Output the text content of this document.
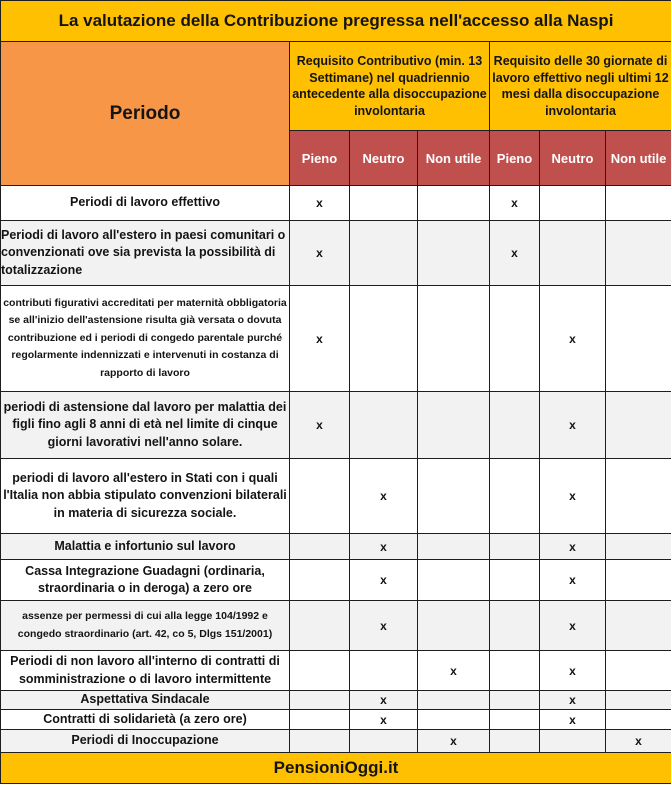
La valutazione della Contribuzione pregressa nell'accesso alla Naspi						
Periodo	Requisito Contributivo (min. 13 Settimane) nel quadriennio antecedente alla disoccupazione involontaria			Requisito delle 30 giornate di lavoro effettivo negli ultimi 12 mesi dalla disoccupazione involontaria		
	Pieno	Neutro	Non utile	Pieno	Neutro	Non utile
Periodi di lavoro effettivo	x			x		
Periodi di lavoro all'estero in paesi comunitari o convenzionati ove sia prevista la possibilità di totalizzazione	x			x		
contributi figurativi accreditati per maternità obbligatoria se all'inizio dell'astensione risulta già versata o dovuta contribuzione ed i periodi di congedo parentale purché regolarmente indennizzati e intervenuti in costanza di rapporto di lavoro	x				x	
periodi di astensione dal lavoro per malattia dei figli fino agli 8 anni di età nel limite di cinque giorni lavorativi nell'anno solare.	x				x	
periodi di lavoro all'estero in Stati con i quali l'Italia non abbia stipulato convenzioni bilaterali in materia di sicurezza sociale.		x			x	
Malattia e infortunio sul lavoro		x			x	
Cassa Integrazione Guadagni (ordinaria, straordinaria o in deroga) a zero ore		x			x	
assenze per permessi di cui alla legge 104/1992 e congedo straordinario (art. 42, co 5, Dlgs 151/2001)		x			x	
Periodi di non lavoro all'interno di contratti di somministrazione o di lavoro intermittente			x		x	
Aspettativa Sindacale		x			x	
Contratti di solidarietà (a zero ore)		x			x	
Periodi di Inoccupazione			x			x
PensioniOggi.it						
